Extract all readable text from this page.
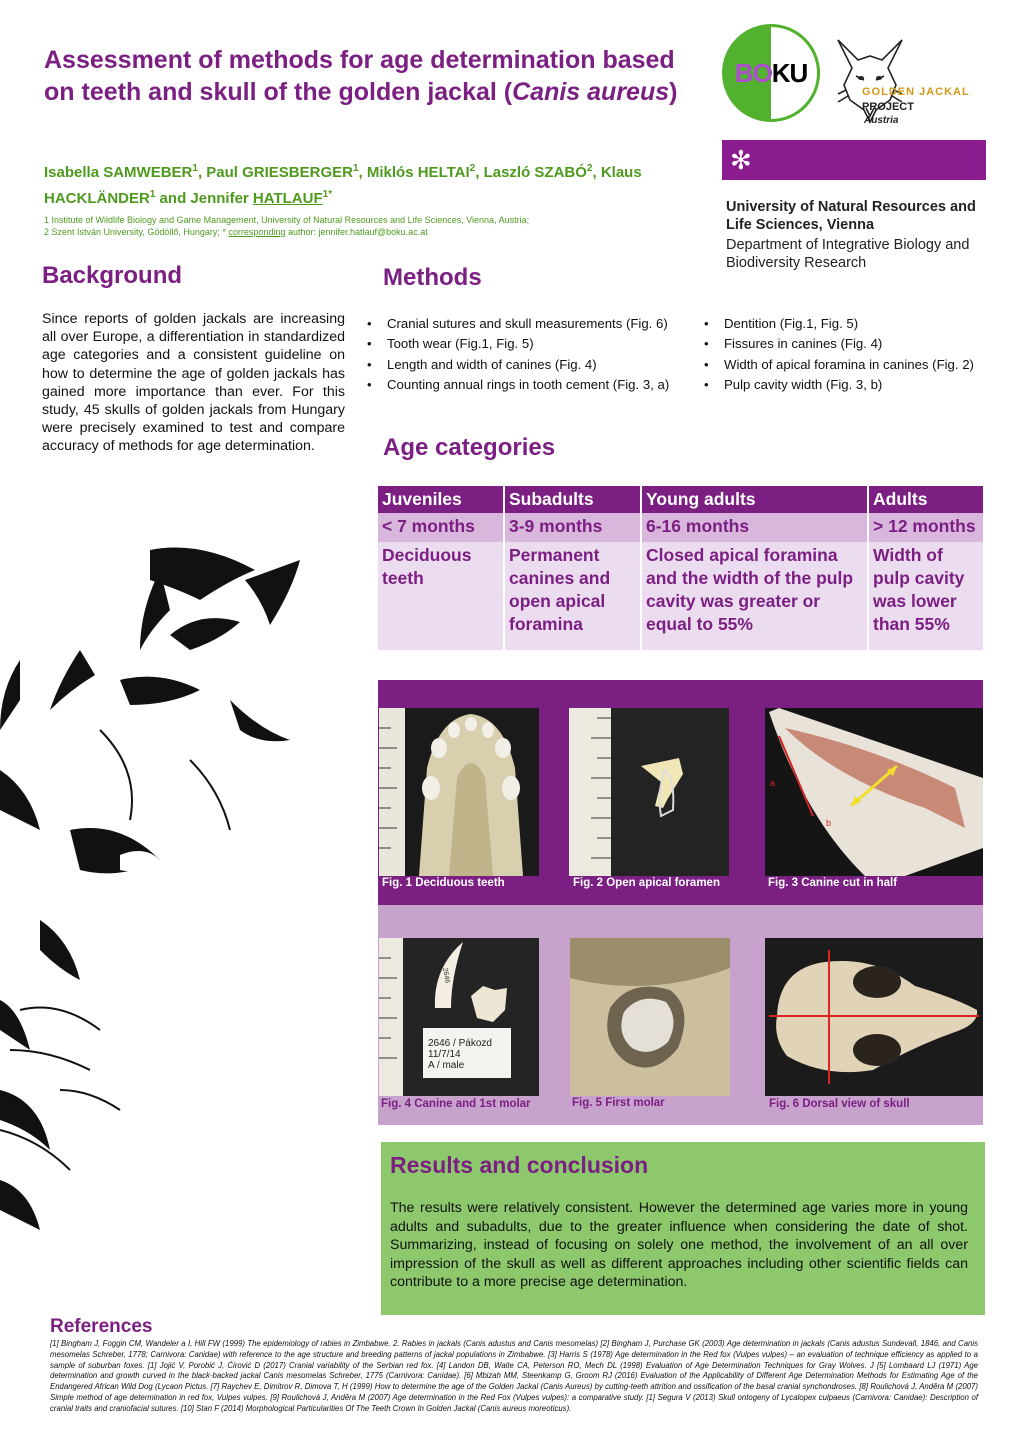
Assessment of methods for age determination based on teeth and skull of the golden jackal (Canis aureus)
Isabella SAMWEBER$^1$, Paul GRIESBERGER$^1$, Miklós HELTAI$^2$, Laszló SZABÓ$^2$, Klaus HACKLÄNDER$^1$ and Jennifer $HATLAUF^{1*}$
1 Institute of Wildlife Biology and Game Management, University of Natural Resources and Life Sciences, Vienna, Austria;
2 Szent István University, Gödöllő, Hungary; * corresponding author: jennifer.hatlauf@boku.ac.at
BOKU
GOLDEN JACKAL
PROJECT
Austria
✻
University of Natural Resources and Life Sciences, Vienna
Department of Integrative Biology and Biodiversity Research
Background
Since reports of golden jackals are increasing all over Europe, a differentiation in standardized age categories and a consistent guideline on how to determine the age of golden jackals has gained more importance than ever. For this study, 45 skulls of golden jackals from Hungary were precisely examined to test and compare accuracy of methods for age determination.
Methods
• Cranial sutures and skull measurements (Fig. 6)
• Tooth wear (Fig.1, Fig. 5)
• Length and width of canines (Fig. 4)
• Counting annual rings in tooth cement (Fig. 3, a)
• Dentition (Fig.1, Fig. 5)
• Fissures in canines (Fig. 4)
• Width of apical foramina in canines (Fig. 2)
• Pulp cavity width (Fig. 3, b)
Age categories
Juveniles	Subadults	Young adults	Adults
< 7 months	3-9 months	6-16 months	> 12 months
Deciduous teeth	Permanent canines and open apical foramina	Closed apical foramina and the width of the pulp cavity was greater or equal to 55%	Width of pulp cavity was lower than 55%
Fig. 1 Deciduous teeth	Fig. 2 Open apical foramen
a
b
Fig. 3 Canine cut in half
2646 / Pákozd
11/7/14
A / male
2646
Fig. 4 Canine and 1st molar	Fig. 5 First molar	Fig. 6 Dorsal view of skull
Results and conclusion
The results were relatively consistent. However the determined age varies more in young adults and subadults, due to the greater influence when considering the date of shot. Summarizing, instead of focusing on solely one method, the involvement of an all over impression of the skull as well as different approaches including other scientific fields can contribute to a more precise age determination.
References
[1] Bingham J, Foggin CM, Wandeler a I, Hill FW (1999) The epidemiology of rabies in Zimbabwe. 2. Rabies in jackals (Canis adustus and Canis mesomelas) [2] Bingham J, Purchase GK (2003) Age determination in jackals (Canis adustus Sundevall, 1846, and Canis mesomelas Schreber, 1778; Carnivora: Canidae) with reference to the age structure and breeding patterns of jackal populations in Zimbabwe. [3] Harris S (1978) Age determination in the Red fox (Vulpes vulpes) – an evaluation of technique efficiency as applied to a sample of suburban foxes. [1] Jojić V, Porobić J, Ćirović D (2017) Cranial variability of the Serbian red fox. [4] Landon DB, Waite CA, Peterson RO, Mech DL (1998) Evaluation of Age Determination Techniques for Gray Wolves. J [5] Lombaard LJ (1971) Age determination and growth curved in the black-backed jackal Canis mesomelas Schreber, 1775 (Carnivora: Canidae). [6] Mbizah MM, Steenkamp G, Groom RJ (2016) Evaluation of the Applicability of Different Age Determination Methods for Estimating Age of the Endangered African Wild Dog (Lycaon Pictus. [7] Raychev E, Dimitrov R, Dimova T, H (1999) How to determine the age of the Golden Jackal (Canis Aureus) by cutting-teeth attrition and ossification of the basal cranial synchondroses. [8] Roulichová J, Anděra M (2007) Simple method of age determination in red fox, Vulpes vulpes. [9] Roulichová J, Anděra M (2007) Age determination in the Red Fox (Vulpes vulpes): a comparative study. [1] Segura V (2013) Skull ontogeny of Lycalopex culpaeus (Carnivora: Canidae): Description of cranial traits and craniofacial sutures. [10] Stan F (2014) Morphological Particularities Of The Teeth Crown In Golden Jackal (Canis aureus moreoticus).
